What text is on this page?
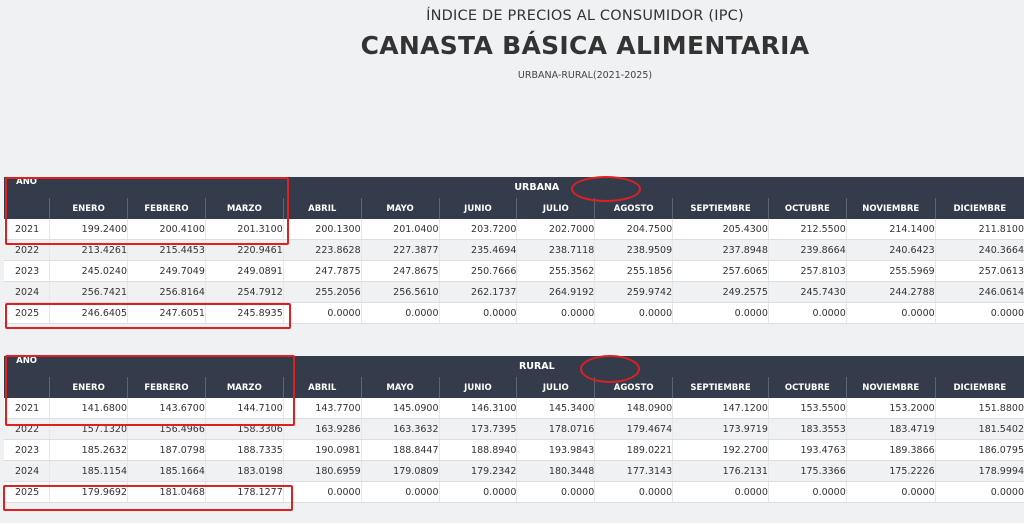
ÍNDICE DE PRECIOS AL CONSUMIDOR (IPC)
CANASTA BÁSICA ALIMENTARIA
URBANA-RURAL(2021-2025)
AÑO	URBANA											
	ENERO	FEBRERO	MARZO	ABRIL	MAYO	JUNIO	JULIO	AGOSTO	SEPTIEMBRE	OCTUBRE	NOVIEMBRE	DICIEMBRE
2021	199.2400	200.4100	201.3100	200.1300	201.0400	203.7200	202.7000	204.7500	205.4300	212.5500	214.1400	211.8100
2022	213.4261	215.4453	220.9461	223.8628	227.3877	235.4694	238.7118	238.9509	237.8948	239.8664	240.6423	240.3664
2023	245.0240	249.7049	249.0891	247.7875	247.8675	250.7666	255.3562	255.1856	257.6065	257.8103	255.5969	257.0613
2024	256.7421	256.8164	254.7912	255.2056	256.5610	262.1737	264.9192	259.9742	249.2575	245.7430	244.2788	246.0614
2025	246.6405	247.6051	245.8935	0.0000	0.0000	0.0000	0.0000	0.0000	0.0000	0.0000	0.0000	0.0000
AÑO	RURAL											
	ENERO	FEBRERO	MARZO	ABRIL	MAYO	JUNIO	JULIO	AGOSTO	SEPTIEMBRE	OCTUBRE	NOVIEMBRE	DICIEMBRE
2021	141.6800	143.6700	144.7100	143.7700	145.0900	146.3100	145.3400	148.0900	147.1200	153.5500	153.2000	151.8800
2022	157.1320	156.4966	158.3306	163.9286	163.3632	173.7395	178.0716	179.4674	173.9719	183.3553	183.4719	181.5402
2023	185.2632	187.0798	188.7335	190.0981	188.8447	188.8940	193.9843	189.0221	192.2700	193.4763	189.3866	186.0795
2024	185.1154	185.1664	183.0198	180.6959	179.0809	179.2342	180.3448	177.3143	176.2131	175.3366	175.2226	178.9994
2025	179.9692	181.0468	178.1277	0.0000	0.0000	0.0000	0.0000	0.0000	0.0000	0.0000	0.0000	0.0000
